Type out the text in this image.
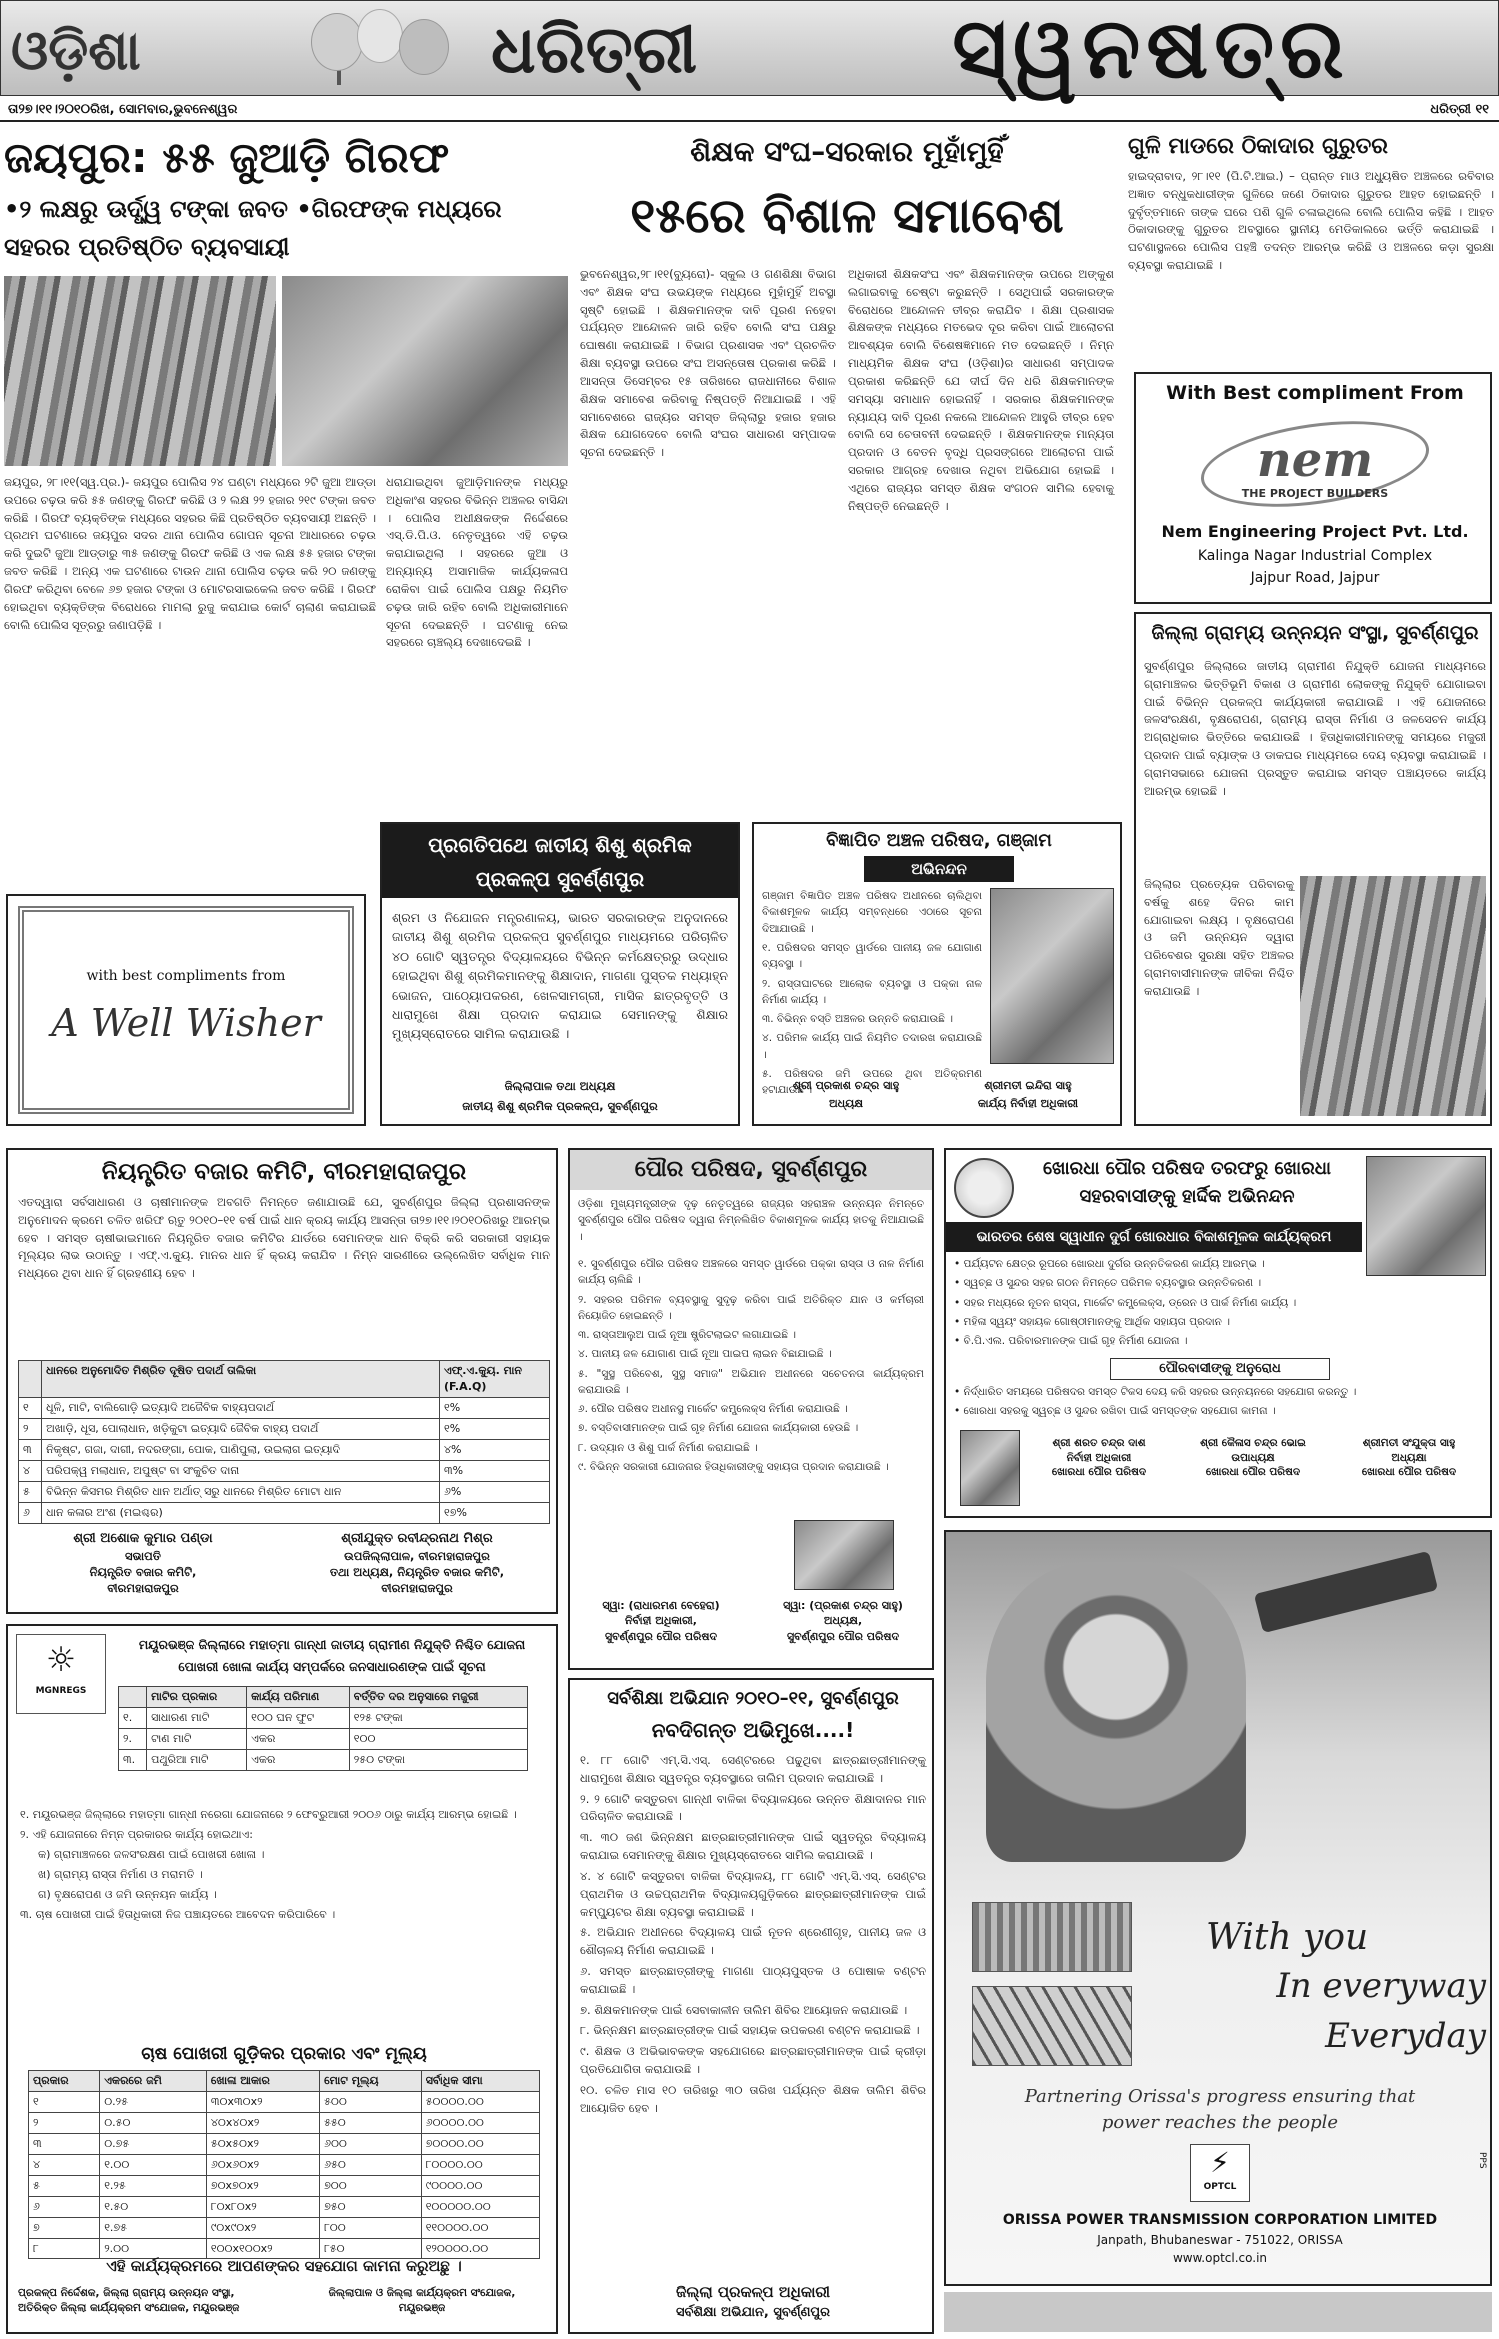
ଓଡ଼ିଶା	ଧରିତ୍ରୀ	ସ୍ୱନଷତ୍ର
ତା୨୭।୧୧।୨୦୧୦ରିଖ, ସୋମବାର,ଭୁବନେଶ୍ୱର	ଧରିତ୍ରୀ ୧୧
ଜୟପୁର: ୫୫ ଜୁଆଡ଼ି ଗିରଫ
•୨ ଲକ୍ଷରୁ ଊର୍ଦ୍ଧ୍ୱ ଟଙ୍କା ଜବତ •ଗିରଫଙ୍କ ମଧ୍ୟରେ ସହରର ପ୍ରତିଷ୍ଠିତ ବ୍ୟବସାୟୀ
ଜୟପୁର, ୨୮।୧୧(ସ୍ୱ.ପ୍ର.)- ଜୟପୁର ପୋଲିସ ୨୪ ଘଣ୍ଟା ମଧ୍ୟରେ ୨ଟି ଜୁଆ ଆଡ୍ଡା ଉପରେ ଚଢ଼ଉ କରି ୫୫ ଜଣଙ୍କୁ ଗିରଫ କରିଛି ଓ ୨ ଲକ୍ଷ ୨୨ ହଜାର ୨୧୯ ଟଙ୍କା ଜବତ କରିଛି । ଗିରଫ ବ୍ୟକ୍ତିଙ୍କ ମଧ୍ୟରେ ସହରର କିଛି ପ୍ରତିଷ୍ଠିତ ବ୍ୟବସାୟୀ ଅଛନ୍ତି । ପ୍ରଥମ ଘଟଣାରେ ଜୟପୁର ସଦର ଥାନା ପୋଲିସ ଗୋପନ ସୂଚନା ଆଧାରରେ ଚଢ଼ଉ କରି ଦୁଇଟି ଜୁଆ ଆଡ୍ଡାରୁ ୩୫ ଜଣଙ୍କୁ ଗିରଫ କରିଛି ଓ ଏକ ଲକ୍ଷ ୫୫ ହଜାର ଟଙ୍କା ଜବତ କରିଛି । ଅନ୍ୟ ଏକ ଘଟଣାରେ ଟାଉନ ଥାନା ପୋଲିସ ଚଢ଼ଉ କରି ୨୦ ଜଣଙ୍କୁ ଗିରଫ କରିଥିବା ବେଳେ ୬୭ ହଜାର ଟଙ୍କା ଓ ମୋଟରସାଇକେଲ ଜବତ କରିଛି । ଗିରଫ ହୋଇଥିବା ବ୍ୟକ୍ତିଙ୍କ ବିରୋଧରେ ମାମଲା ରୁଜୁ କରାଯାଇ କୋର୍ଟ ଚାଲାଣ କରାଯାଇଛି ବୋଲି ପୋଲିସ ସୂତ୍ରରୁ ଜଣାପଡ଼ିଛି ।
ଧରାଯାଇଥିବା ଜୁଆଡ଼ିମାନଙ୍କ ମଧ୍ୟରୁ ଅଧିକାଂଶ ସହରର ବିଭିନ୍ନ ଅଞ୍ଚଳର ବାସିନ୍ଦା । ପୋଲିସ ଅଧୀକ୍ଷକଙ୍କ ନିର୍ଦ୍ଦେଶରେ ଏସ୍.ଡି.ପି.ଓ. ନେତୃତ୍ୱରେ ଏହି ଚଢ଼ଉ କରାଯାଇଥିଲା । ସହରରେ ଜୁଆ ଓ ଅନ୍ୟାନ୍ୟ ଅସାମାଜିକ କାର୍ଯ୍ୟକଳାପ ରୋକିବା ପାଇଁ ପୋଲିସ ପକ୍ଷରୁ ନିୟମିତ ଚଢ଼ଉ ଜାରି ରହିବ ବୋଲି ଅଧିକାରୀମାନେ ସୂଚନା ଦେଇଛନ୍ତି । ଘଟଣାକୁ ନେଇ ସହରରେ ଚାଞ୍ଚଲ୍ୟ ଦେଖାଦେଇଛି ।
ଶିକ୍ଷକ ସଂଘ–ସରକାର ମୁହାଁମୁହିଁ
୧୫ରେ ବିଶାଳ ସମାବେଶ
ଭୁବନେଶ୍ୱର,୨୮।୧୧(ବ୍ୟୁରୋ)- ସ୍କୁଲ ଓ ଗଣଶିକ୍ଷା ବିଭାଗ ଏବଂ ଶିକ୍ଷକ ସଂଘ ଉଭୟଙ୍କ ମଧ୍ୟରେ ମୁହାଁମୁହିଁ ଅବସ୍ଥା ସୃଷ୍ଟି ହୋଇଛି । ଶିକ୍ଷକମାନଙ୍କ ଦାବି ପୂରଣ ନହେବା ପର୍ଯ୍ୟନ୍ତ ଆନ୍ଦୋଳନ ଜାରି ରହିବ ବୋଲି ସଂଘ ପକ୍ଷରୁ ଘୋଷଣା କରାଯାଇଛି । ବିଭାଗ ପ୍ରଶାସକ ଏବଂ ପ୍ରଚଳିତ ଶିକ୍ଷା ବ୍ୟବସ୍ଥା ଉପରେ ସଂଘ ଅସନ୍ତୋଷ ପ୍ରକାଶ କରିଛି । ଆସନ୍ତା ଡିସେମ୍ବର ୧୫ ତାରିଖରେ ରାଜଧାନୀରେ ବିଶାଳ ଶିକ୍ଷକ ସମାବେଶ କରିବାକୁ ନିଷ୍ପତ୍ତି ନିଆଯାଇଛି । ଏହି ସମାବେଶରେ ରାଜ୍ୟର ସମସ୍ତ ଜିଲ୍ଲାରୁ ହଜାର ହଜାର ଶିକ୍ଷକ ଯୋଗଦେବେ ବୋଲି ସଂଘର ସାଧାରଣ ସମ୍ପାଦକ ସୂଚନା ଦେଇଛନ୍ତି ।
ଅଧିକାରୀ ଶିକ୍ଷକସଂଘ ଏବଂ ଶିକ୍ଷକମାନଙ୍କ ଉପରେ ଅଙ୍କୁଶ ଲଗାଇବାକୁ ଚେଷ୍ଟା କରୁଛନ୍ତି । ସେଥିପାଇଁ ସରକାରଙ୍କ ବିରୋଧରେ ଆନ୍ଦୋଳନ ତୀବ୍ର କରାଯିବ । ଶିକ୍ଷା ପ୍ରଶାସକ ଶିକ୍ଷକଙ୍କ ମଧ୍ୟରେ ମତଭେଦ ଦୂର କରିବା ପାଇଁ ଆଲୋଚନା ଆବଶ୍ୟକ ବୋଲି ବିଶେଷଜ୍ଞମାନେ ମତ ଦେଇଛନ୍ତି । ନିମ୍ନ ମାଧ୍ୟମିକ ଶିକ୍ଷକ ସଂଘ (ଓଡ଼ିଶା)ର ସାଧାରଣ ସମ୍ପାଦକ ପ୍ରକାଶ କରିଛନ୍ତି ଯେ ଦୀର୍ଘ ଦିନ ଧରି ଶିକ୍ଷକମାନଙ୍କ ସମସ୍ୟା ସମାଧାନ ହୋଇନାହିଁ । ସରକାର ଶିକ୍ଷକମାନଙ୍କ ନ୍ୟାଯ୍ୟ ଦାବି ପୂରଣ ନକଲେ ଆନ୍ଦୋଳନ ଆହୁରି ତୀବ୍ର ହେବ ବୋଲି ସେ ଚେତାବନୀ ଦେଇଛନ୍ତି । ଶିକ୍ଷକମାନଙ୍କ ମାନ୍ୟତା ପ୍ରଦାନ ଓ ବେତନ ବୃଦ୍ଧି ପ୍ରସଙ୍ଗରେ ଆଲୋଚନା ପାଇଁ ସରକାର ଆଗ୍ରହ ଦେଖାଉ ନଥିବା ଅଭିଯୋଗ ହୋଇଛି । ଏଥିରେ ରାଜ୍ୟର ସମସ୍ତ ଶିକ୍ଷକ ସଂଗଠନ ସାମିଲ ହେବାକୁ ନିଷ୍ପତ୍ତି ନେଇଛନ୍ତି ।
ଗୁଳି ମାଡରେ ଠିକାଦାର ଗୁରୁତର
ହାଇଦ୍ରାବାଦ, ୨୮।୧୧ (ପି.ଟି.ଆଇ.) – ପ୍ରାନ୍ତ ମାଓ ଅଧ୍ୟୁଷିତ ଅଞ୍ଚଳରେ ରବିବାର ଅଜ୍ଞାତ ବନ୍ଧୁକଧାରୀଙ୍କ ଗୁଳିରେ ଜଣେ ଠିକାଦାର ଗୁରୁତର ଆହତ ହୋଇଛନ୍ତି । ଦୁର୍ବୃତ୍ତମାନେ ତାଙ୍କ ଘରେ ପଶି ଗୁଳି ଚଳାଇଥିଲେ ବୋଲି ପୋଲିସ କହିଛି । ଆହତ ଠିକାଦାରଙ୍କୁ ଗୁରୁତର ଅବସ୍ଥାରେ ସ୍ଥାନୀୟ ମେଡିକାଲରେ ଭର୍ତ୍ତି କରାଯାଇଛି । ଘଟଣାସ୍ଥଳରେ ପୋଲିସ ପହଞ୍ଚି ତଦନ୍ତ ଆରମ୍ଭ କରିଛି ଓ ଅଞ୍ଚଳରେ କଡ଼ା ସୁରକ୍ଷା ବ୍ୟବସ୍ଥା କରାଯାଇଛି ।
With Best compliment From
nem
THE PROJECT BUILDERS
Nem Engineering Project Pvt. Ltd.
Kalinga Nagar Industrial Complex
Jajpur Road, Jajpur
ଜିଲ୍ଲା ଗ୍ରାମ୍ୟ ଉନ୍ନୟନ ସଂସ୍ଥା, ସୁବର୍ଣ୍ଣପୁର
ସୁବର୍ଣ୍ଣପୁର ଜିଲ୍ଲାରେ ଜାତୀୟ ଗ୍ରାମୀଣ ନିଯୁକ୍ତି ଯୋଜନା ମାଧ୍ୟମରେ ଗ୍ରାମାଞ୍ଚଳର ଭିତ୍ତିଭୂମି ବିକାଶ ଓ ଗ୍ରାମୀଣ ଲୋକଙ୍କୁ ନିଯୁକ୍ତି ଯୋଗାଇବା ପାଇଁ ବିଭିନ୍ନ ପ୍ରକଳ୍ପ କାର୍ଯ୍ୟକାରୀ କରାଯାଉଛି । ଏହି ଯୋଜନାରେ ଜଳସଂରକ୍ଷଣ, ବୃକ୍ଷରୋପଣ, ଗ୍ରାମ୍ୟ ରାସ୍ତା ନିର୍ମାଣ ଓ ଜଳସେଚନ କାର୍ଯ୍ୟ ଅଗ୍ରାଧିକାର ଭିତ୍ତିରେ କରାଯାଉଛି । ହିତାଧିକାରୀମାନଙ୍କୁ ସମୟରେ ମଜୁରୀ ପ୍ରଦାନ ପାଇଁ ବ୍ୟାଙ୍କ ଓ ଡାକଘର ମାଧ୍ୟମରେ ଦେୟ ବ୍ୟବସ୍ଥା କରାଯାଇଛି । ଗ୍ରାମସଭାରେ ଯୋଜନା ପ୍ରସ୍ତୁତ କରାଯାଇ ସମସ୍ତ ପଞ୍ଚାୟତରେ କାର୍ଯ୍ୟ ଆରମ୍ଭ ହୋଇଛି ।
ଜିଲ୍ଲାର ପ୍ରତ୍ୟେକ ପରିବାରକୁ ବର୍ଷକୁ ଶହେ ଦିନର କାମ ଯୋଗାଇବା ଲକ୍ଷ୍ୟ । ବୃକ୍ଷରୋପଣ ଓ ଜମି ଉନ୍ନୟନ ଦ୍ୱାରା ପରିବେଶର ସୁରକ୍ଷା ସହିତ ଅଞ୍ଚଳର ଗ୍ରାମବାସୀମାନଙ୍କ ଜୀବିକା ନିଶ୍ଚିତ କରାଯାଉଛି ।
with best compliments from
A Well Wisher
ପ୍ରଗତିପଥେ ଜାତୀୟ ଶିଶୁ ଶ୍ରମିକ ପ୍ରକଳ୍ପ ସୁବର୍ଣ୍ଣପୁର
ଶ୍ରମ ଓ ନିଯୋଜନ ମନ୍ତ୍ରଣାଳୟ, ଭାରତ ସରକାରଙ୍କ ଅନୁଦାନରେ ଜାତୀୟ ଶିଶୁ ଶ୍ରମିକ ପ୍ରକଳ୍ପ ସୁବର୍ଣ୍ଣପୁର ମାଧ୍ୟମରେ ପରିଚାଳିତ ୪୦ ଗୋଟି ସ୍ୱତନ୍ତ୍ର ବିଦ୍ୟାଳୟରେ ବିଭିନ୍ନ କର୍ମକ୍ଷେତ୍ରରୁ ଉଦ୍ଧାର ହୋଇଥିବା ଶିଶୁ ଶ୍ରମିକମାନଙ୍କୁ ଶିକ୍ଷାଦାନ, ମାଗଣା ପୁସ୍ତକ ମଧ୍ୟାହ୍ନ ଭୋଜନ, ପାଠ୍ୟୋପକରଣ, ଖେଳସାମଗ୍ରୀ, ମାସିକ ଛାତ୍ରବୃତ୍ତି ଓ ଧାରାମୁଖେ ଶିକ୍ଷା ପ୍ରଦାନ କରାଯାଇ ସେମାନଙ୍କୁ ଶିକ୍ଷାର ମୁଖ୍ୟସ୍ରୋତରେ ସାମିଲ କରାଯାଉଛି ।
ଜିଲ୍ଲାପାଳ ତଥା ଅଧ୍ୟକ୍ଷ
ଜାତୀୟ ଶିଶୁ ଶ୍ରମିକ ପ୍ରକଳ୍ପ, ସୁବର୍ଣ୍ଣପୁର
ବିଜ୍ଞାପିତ ଅଞ୍ଚଳ ପରିଷଦ, ଗଞ୍ଜାମ
ଅଭିନନ୍ଦନ
ଗଞ୍ଜାମ ବିଜ୍ଞାପିତ ଅଞ୍ଚଳ ପରିଷଦ ଅଧୀନରେ ଚାଲିଥିବା ବିକାଶମୂଳକ କାର୍ଯ୍ୟ ସମ୍ବନ୍ଧରେ ଏଠାରେ ସୂଚନା ଦିଆଯାଉଛି ।
୧. ପରିଷଦର ସମସ୍ତ ୱାର୍ଡରେ ପାନୀୟ ଜଳ ଯୋଗାଣ ବ୍ୟବସ୍ଥା ।
୨. ରାସ୍ତାଘାଟରେ ଆଲୋକ ବ୍ୟବସ୍ଥା ଓ ପକ୍କା ନାଳ ନିର୍ମାଣ କାର୍ଯ୍ୟ ।
୩. ବିଭିନ୍ନ ବସ୍ତି ଅଞ୍ଚଳର ଉନ୍ନତି କରାଯାଉଛି ।
୪. ପରିମଳ କାର୍ଯ୍ୟ ପାଇଁ ନିୟମିତ ତଦାରଖ କରାଯାଉଛି ।
୫. ପରିଷଦର ଜମି ଉପରେ ଥିବା ଅତିକ୍ରମଣ ହଟାଯାଉଛି ।
ଶ୍ରୀ ପ୍ରକାଶ ଚନ୍ଦ୍ର ସାହୁ
ଅଧ୍ୟକ୍ଷ
ଶ୍ରୀମତୀ ଇନ୍ଦିରା ସାହୁ
କାର୍ଯ୍ୟ ନିର୍ବାହୀ ଅଧିକାରୀ
ନିୟନ୍ତ୍ରିତ ବଜାର କମିଟି, ବୀରମହାରାଜପୁର
ଏତଦ୍ୱାରା ସର୍ବସାଧାରଣ ଓ ଚାଷୀମାନଙ୍କ ଅବଗତି ନିମନ୍ତେ ଜଣାଯାଉଛି ଯେ, ସୁବର୍ଣ୍ଣପୁର ଜିଲ୍ଲା ପ୍ରଶାସନଙ୍କ ଅନୁମୋଦନ କ୍ରମେ ଚଳିତ ଖରିଫ ଋତୁ ୨୦୧୦–୧୧ ବର୍ଷ ପାଇଁ ଧାନ କ୍ରୟ କାର୍ଯ୍ୟ ଆସନ୍ତା ତା୨୭।୧୧।୨୦୧୦ରିଖରୁ ଆରମ୍ଭ ହେବ । ସମସ୍ତ ଚାଷୀଭାଇମାନେ ନିୟନ୍ତ୍ରିତ ବଜାର କମିଟିର ଯାର୍ଡରେ ସେମାନଙ୍କ ଧାନ ବିକ୍ରି କରି ସରକାରୀ ସହାୟକ ମୂଲ୍ୟର ଲାଭ ଉଠାନ୍ତୁ । ଏଫ୍.ଏ.କ୍ୟୁ. ମାନର ଧାନ ହିଁ କ୍ରୟ କରାଯିବ । ନିମ୍ନ ସାରଣୀରେ ଉଲ୍ଲେଖିତ ସର୍ବାଧିକ ମାନ ମଧ୍ୟରେ ଥିବା ଧାନ ହିଁ ଗ୍ରହଣୀୟ ହେବ ।
	ଧାନରେ ଅନୁମୋଦିତ ମିଶ୍ରିତ ଦୂଷିତ ପଦାର୍ଥ ତାଲିକା	ଏଫ୍.ଏ.କ୍ୟୁ. ମାନ (F.A.Q)
୧	ଧୂଳି, ମାଟି, ବାଲିଗୋଡ଼ି ଇତ୍ୟାଦି ଅଜୈବିକ ବାହ୍ୟପଦାର୍ଥ	୧%
୨	ଅଖାଡ଼ି, ଧୂସ, ପୋଲାଧାନ, ଖଡ଼ିକୁଟା ଇତ୍ୟାଦି ଜୈବିକ ବାହ୍ୟ ପଦାର୍ଥ	୧%
୩	ନିକୃଷ୍ଟ, ଗଜା, ଦାଗୀ, ନଦରଙ୍ଗା, ପୋକ, ପାଣିପୁଲା, ଉଇଲାଗ ଇତ୍ୟାଦି	୪%
୪	ପରିପକ୍ୱ ମଲାଧାନ, ଅପୁଷ୍ଟ ବା ସଂକୁଚିତ ଦାନା	୩%
୫	ବିଭିନ୍ନ କିସମର ମିଶ୍ରିତ ଧାନ ଅର୍ଥାତ୍ ସରୁ ଧାନରେ ମିଶ୍ରିତ ମୋଟା ଧାନ	୬%
୬	ଧାନ କଳାର ଅଂଶ (ମଇଶ୍ଚର)	୧୭%
ଶ୍ରୀ ଅଶୋକ କୁମାର ପଣ୍ଡା
ସଭାପତି
ନିୟନ୍ତ୍ରିତ ବଜାର କମିଟି,
ବୀରମହାରାଜପୁର
ଶ୍ରୀଯୁକ୍ତ ରବୀନ୍ଦ୍ରନାଥ ମିଶ୍ର
ଉପଜିଲ୍ଲାପାଳ, ବୀରମହାରାଜପୁର
ତଥା ଅଧ୍ୟକ୍ଷ, ନିୟନ୍ତ୍ରିତ ବଜାର କମିଟି,
ବୀରମହାରାଜପୁର
ପୌର ପରିଷଦ, ସୁବର୍ଣ୍ଣପୁର
ଓଡ଼ିଶା ମୁଖ୍ୟମନ୍ତ୍ରୀଙ୍କ ଦୃଢ଼ ନେତୃତ୍ୱରେ ରାଜ୍ୟର ସହରାଞ୍ଚଳ ଉନ୍ନୟନ ନିମନ୍ତେ ସୁବର୍ଣ୍ଣପୁର ପୌର ପରିଷଦ ଦ୍ୱାରା ନିମ୍ନଲିଖିତ ବିକାଶମୂଳକ କାର୍ଯ୍ୟ ହାତକୁ ନିଆଯାଇଛି ।
୧. ସୁବର୍ଣ୍ଣପୁର ପୌର ପରିଷଦ ଅଞ୍ଚଳରେ ସମସ୍ତ ୱାର୍ଡରେ ପକ୍କା ରାସ୍ତା ଓ ନାଳ ନିର୍ମାଣ କାର୍ଯ୍ୟ ଚାଲିଛି ।
୨. ସହରର ପରିମଳ ବ୍ୟବସ୍ଥାକୁ ସୁଦୃଢ଼ କରିବା ପାଇଁ ଅତିରିକ୍ତ ଯାନ ଓ କର୍ମଚାରୀ ନିୟୋଜିତ ହୋଇଛନ୍ତି ।
୩. ରାସ୍ତାଆଲୁଅ ପାଇଁ ନୂଆ ଷ୍ଟ୍ରିଟଲାଇଟ ଲଗାଯାଇଛି ।
୪. ପାନୀୟ ଜଳ ଯୋଗାଣ ପାଇଁ ନୂଆ ପାଇପ ଲାଇନ ବିଛାଯାଇଛି ।
୫. "ସୁସ୍ଥ ପରିବେଶ, ସୁସ୍ଥ ସମାଜ" ଅଭିଯାନ ଅଧୀନରେ ସଚେତନତା କାର୍ଯ୍ୟକ୍ରମ କରାଯାଉଛି ।
୬. ପୌର ପରିଷଦ ଅଧୀନସ୍ଥ ମାର୍କେଟ କମ୍ପ୍ଲେକ୍ସ ନିର୍ମାଣ କରାଯାଉଛି ।
୭. ବସ୍ତିବାସୀମାନଙ୍କ ପାଇଁ ଗୃହ ନିର୍ମାଣ ଯୋଜନା କାର୍ଯ୍ୟକାରୀ ହେଉଛି ।
୮. ଉଦ୍ୟାନ ଓ ଶିଶୁ ପାର୍କ ନିର୍ମାଣ କରାଯାଇଛି ।
୯. ବିଭିନ୍ନ ସରକାରୀ ଯୋଜନାର ହିତାଧିକାରୀଙ୍କୁ ସହାୟତା ପ୍ରଦାନ କରାଯାଉଛି ।
ସ୍ୱା: (ରାଧାରମଣ ବେହେରା)
ନିର୍ବାହୀ ଅଧିକାରୀ,
ସୁବର୍ଣ୍ଣପୁର ପୌର ପରିଷଦ
ସ୍ୱା: (ପ୍ରକାଶ ଚନ୍ଦ୍ର ସାହୁ)
ଅଧ୍ୟକ୍ଷ,
ସୁବର୍ଣ୍ଣପୁର ପୌର ପରିଷଦ
ଖୋରଧା ପୌର ପରିଷଦ ତରଫରୁ ଖୋରଧା
ସହରବାସୀଙ୍କୁ ହାର୍ଦ୍ଦିକ ଅଭିନନ୍ଦନ
ଭାରତର ଶେଷ ସ୍ୱାଧୀନ ଦୁର୍ଗ ଖୋରଧାର ବିକାଶମୂଳକ କାର୍ଯ୍ୟକ୍ରମ
• ପର୍ଯ୍ୟଟନ କ୍ଷେତ୍ର ରୂପରେ ଖୋରଧା ଦୁର୍ଗର ଉନ୍ନତିକରଣ କାର୍ଯ୍ୟ ଆରମ୍ଭ ।
• ସ୍ୱଚ୍ଛ ଓ ସୁନ୍ଦର ସହର ଗଠନ ନିମନ୍ତେ ପରିମଳ ବ୍ୟବସ୍ଥାର ଉନ୍ନତିକରଣ ।
• ସହର ମଧ୍ୟରେ ନୂତନ ରାସ୍ତା, ମାର୍କେଟ କମ୍ପ୍ଲେକ୍ସ, ଡ୍ରେନ ଓ ପାର୍କ ନିର୍ମାଣ କାର୍ଯ୍ୟ ।
• ମହିଳା ସ୍ୱୟଂ ସହାୟକ ଗୋଷ୍ଠୀମାନଙ୍କୁ ଆର୍ଥିକ ସହାୟତା ପ୍ରଦାନ ।
• ବି.ପି.ଏଲ. ପରିବାରମାନଙ୍କ ପାଇଁ ଗୃହ ନିର୍ମାଣ ଯୋଜନା ।
ପୌରବାସୀଙ୍କୁ ଅନୁରୋଧ
• ନିର୍ଦ୍ଧାରିତ ସମୟରେ ପରିଷଦର ସମସ୍ତ ଟିକସ ଦେୟ କରି ସହରର ଉନ୍ନୟନରେ ସହଯୋଗ କରନ୍ତୁ ।
• ଖୋରଧା ସହରକୁ ସ୍ୱଚ୍ଛ ଓ ସୁନ୍ଦର ରଖିବା ପାଇଁ ସମସ୍ତଙ୍କ ସହଯୋଗ କାମନା ।
ଶ୍ରୀ ଶରତ ଚନ୍ଦ୍ର ଦାଶ
ନିର୍ବାହୀ ଅଧିକାରୀ
ଖୋରଧା ପୌର ପରିଷଦ
ଶ୍ରୀ କୈଳାସ ଚନ୍ଦ୍ର ଭୋଇ
ଉପାଧ୍ୟକ୍ଷ
ଖୋରଧା ପୌର ପରିଷଦ
ଶ୍ରୀମତୀ ସଂଯୁକ୍ତା ସାହୁ
ଅଧ୍ୟକ୍ଷା
ଖୋରଧା ପୌର ପରିଷଦ
☼
MGNREGS
ମୟୂରଭଞ୍ଜ ଜିଲ୍ଲାରେ ମହାତ୍ମା ଗାନ୍ଧୀ ଜାତୀୟ ଗ୍ରାମୀଣ ନିଯୁକ୍ତି ନିଶ୍ଚିତ ଯୋଜନା
ପୋଖରୀ ଖୋଳା କାର୍ଯ୍ୟ ସମ୍ପର୍କରେ ଜନସାଧାରଣଙ୍କ ପାଇଁ ସୂଚନା
	ମାଟିର ପ୍ରକାର	କାର୍ଯ୍ୟ ପରିମାଣ	ବର୍ତ୍ତିତ ଦର ଅନୁସାରେ ମଜୁରୀ
୧.	ସାଧାରଣ ମାଟି	୧୦୦ ଘନ ଫୁଟ	୧୨୫ ଟଙ୍କା
୨.	ଟାଣ ମାଟି	ଏକର	୧୦୦
୩.	ପଥୁରିଆ ମାଟି	ଏକର	୨୫୦ ଟଙ୍କା
୧. ମୟୂରଭଞ୍ଜ ଜିଲ୍ଲାରେ ମହାତ୍ମା ଗାନ୍ଧୀ ନରେଗା ଯୋଜନାରେ ୨ ଫେବ୍ରୁଆରୀ ୨୦୦୬ ଠାରୁ କାର୍ଯ୍ୟ ଆରମ୍ଭ ହୋଇଛି ।
୨. ଏହି ଯୋଜନାରେ ନିମ୍ନ ପ୍ରକାରର କାର୍ଯ୍ୟ ହୋଇଥାଏ:
କ) ଗ୍ରାମାଞ୍ଚଳରେ ଜଳସଂରକ୍ଷଣ ପାଇଁ ପୋଖରୀ ଖୋଳା ।
ଖ) ଗ୍ରାମ୍ୟ ରାସ୍ତା ନିର୍ମାଣ ଓ ମରାମତି ।
ଗ) ବୃକ୍ଷରୋପଣ ଓ ଜମି ଉନ୍ନୟନ କାର୍ଯ୍ୟ ।
୩. ଚାଷ ପୋଖରୀ ପାଇଁ ହିତାଧିକାରୀ ନିଜ ପଞ୍ଚାୟତରେ ଆବେଦନ କରିପାରିବେ ।
ଚାଷ ପୋଖରୀ ଗୁଡ଼ିକର ପ୍ରକାର ଏବଂ ମୂଲ୍ୟ
ପ୍ରକାର	ଏକରରେ ଜମି	ଖୋଳା ଆକାର	ମୋଟ ମୂଲ୍ୟ	ସର୍ବାଧିକ ସୀମା
୧	୦.୨୫	୩୦x୩୦x୨	୫୦୦	୫୦୦୦୦.୦୦
୨	୦.୫୦	୪୦x୪୦x୨	୫୫୦	୬୦୦୦୦.୦୦
୩	୦.୭୫	୫୦x୫୦x୨	୬୦୦	୭୦୦୦୦.୦୦
୪	୧.୦୦	୬୦x୬୦x୨	୬୫୦	୮୦୦୦୦.୦୦
୫	୧.୨୫	୭୦x୭୦x୨	୭୦୦	୯୦୦୦୦.୦୦
୬	୧.୫୦	୮୦x୮୦x୨	୭୫୦	୧୦୦୦୦୦.୦୦
୭	୧.୭୫	୯୦x୯୦x୨	୮୦୦	୧୧୦୦୦୦.୦୦
୮	୨.୦୦	୧୦୦x୧୦୦x୨	୮୫୦	୧୨୦୦୦୦.୦୦
ଏହି କାର୍ଯ୍ୟକ୍ରମରେ ଆପଣଙ୍କର ସହଯୋଗ କାମନା କରୁଅଛୁ ।
ପ୍ରକଳ୍ପ ନିର୍ଦ୍ଦେଶକ, ଜିଲ୍ଲା ଗ୍ରାମ୍ୟ ଉନ୍ନୟନ ସଂସ୍ଥା,
ଅତିରିକ୍ତ ଜିଲ୍ଲା କାର୍ଯ୍ୟକ୍ରମ ସଂଯୋଜକ, ମୟୂରଭଞ୍ଜ
ଜିଲ୍ଲାପାଳ ଓ ଜିଲ୍ଲା କାର୍ଯ୍ୟକ୍ରମ ସଂଯୋଜକ,
ମୟୂରଭଞ୍ଜ
ସର୍ବଶିକ୍ଷା ଅଭିଯାନ ୨୦୧୦–୧୧, ସୁବର୍ଣ୍ଣପୁର
ନବଦିଗନ୍ତ ଅଭିମୁଖେ....!
୧. ୮୮ ଗୋଟି ଏମ୍.ସି.ଏସ୍. ସେଣ୍ଟରରେ ପଢୁଥିବା ଛାତ୍ରଛାତ୍ରୀମାନଙ୍କୁ ଧାରାମୁଖେ ଶିକ୍ଷାର ସ୍ୱତନ୍ତ୍ର ବ୍ୟବସ୍ଥାରେ ତାଲିମ ପ୍ରଦାନ କରାଯାଉଛି ।
୨. ୨ ଗୋଟି କସ୍ତୁରବା ଗାନ୍ଧୀ ବାଳିକା ବିଦ୍ୟାଳୟରେ ଉନ୍ନତ ଶିକ୍ଷାଦାନର ମାନ ପରିଚାଳିତ କରାଯାଉଛି ।
୩. ୩୦ ଜଣ ଭିନ୍ନକ୍ଷମ ଛାତ୍ରଛାତ୍ରୀମାନଙ୍କ ପାଇଁ ସ୍ୱତନ୍ତ୍ର ବିଦ୍ୟାଳୟ କରାଯାଇ ସେମାନଙ୍କୁ ଶିକ୍ଷାର ମୁଖ୍ୟସ୍ରୋତରେ ସାମିଲ କରାଯାଉଛି ।
୪. ୪ ଗୋଟି କସ୍ତୁରବା ବାଳିକା ବିଦ୍ୟାଳୟ, ୮୮ ଗୋଟି ଏମ୍.ସି.ଏସ୍. ସେଣ୍ଟର ପ୍ରାଥମିକ ଓ ଉଚ୍ଚପ୍ରାଥମିକ ବିଦ୍ୟାଳୟଗୁଡ଼ିକରେ ଛାତ୍ରଛାତ୍ରୀମାନଙ୍କ ପାଇଁ କମ୍ପ୍ୟୁଟର ଶିକ୍ଷା ବ୍ୟବସ୍ଥା କରାଯାଇଛି ।
୫. ଅଭିଯାନ ଅଧୀନରେ ବିଦ୍ୟାଳୟ ପାଇଁ ନୂତନ ଶ୍ରେଣୀଗୃହ, ପାନୀୟ ଜଳ ଓ ଶୌଚାଳୟ ନିର୍ମାଣ କରାଯାଇଛି ।
୬. ସମସ୍ତ ଛାତ୍ରଛାତ୍ରୀଙ୍କୁ ମାଗଣା ପାଠ୍ୟପୁସ୍ତକ ଓ ପୋଷାକ ବଣ୍ଟନ କରାଯାଇଛି ।
୭. ଶିକ୍ଷକମାନଙ୍କ ପାଇଁ ସେବାକାଳୀନ ତାଲିମ ଶିବିର ଆୟୋଜନ କରାଯାଉଛି ।
୮. ଭିନ୍ନକ୍ଷମ ଛାତ୍ରଛାତ୍ରୀଙ୍କ ପାଇଁ ସହାୟକ ଉପକରଣ ବଣ୍ଟନ କରାଯାଇଛି ।
୯. ଶିକ୍ଷକ ଓ ଅଭିଭାବକଙ୍କ ସହଯୋଗରେ ଛାତ୍ରଛାତ୍ରୀମାନଙ୍କ ପାଇଁ କ୍ରୀଡ଼ା ପ୍ରତିଯୋଗିତା କରାଯାଉଛି ।
୧୦. ଚଳିତ ମାସ ୧୦ ତାରିଖରୁ ୩୦ ତାରିଖ ପର୍ଯ୍ୟନ୍ତ ଶିକ୍ଷକ ତାଲିମ ଶିବିର ଆୟୋଜିତ ହେବ ।
ଜିଲ୍ଲା ପ୍ରକଳ୍ପ ଅଧିକାରୀ
ସର୍ବଶିକ୍ଷା ଅଭିଯାନ, ସୁବର୍ଣ୍ଣପୁର
With you
In everyway
Everyday
Partnering Orissa's progress ensuring that
power reaches the people
⚡
OPTCL
PPS
ORISSA POWER TRANSMISSION CORPORATION LIMITED
Janpath, Bhubaneswar - 751022, ORISSA
www.optcl.co.in
